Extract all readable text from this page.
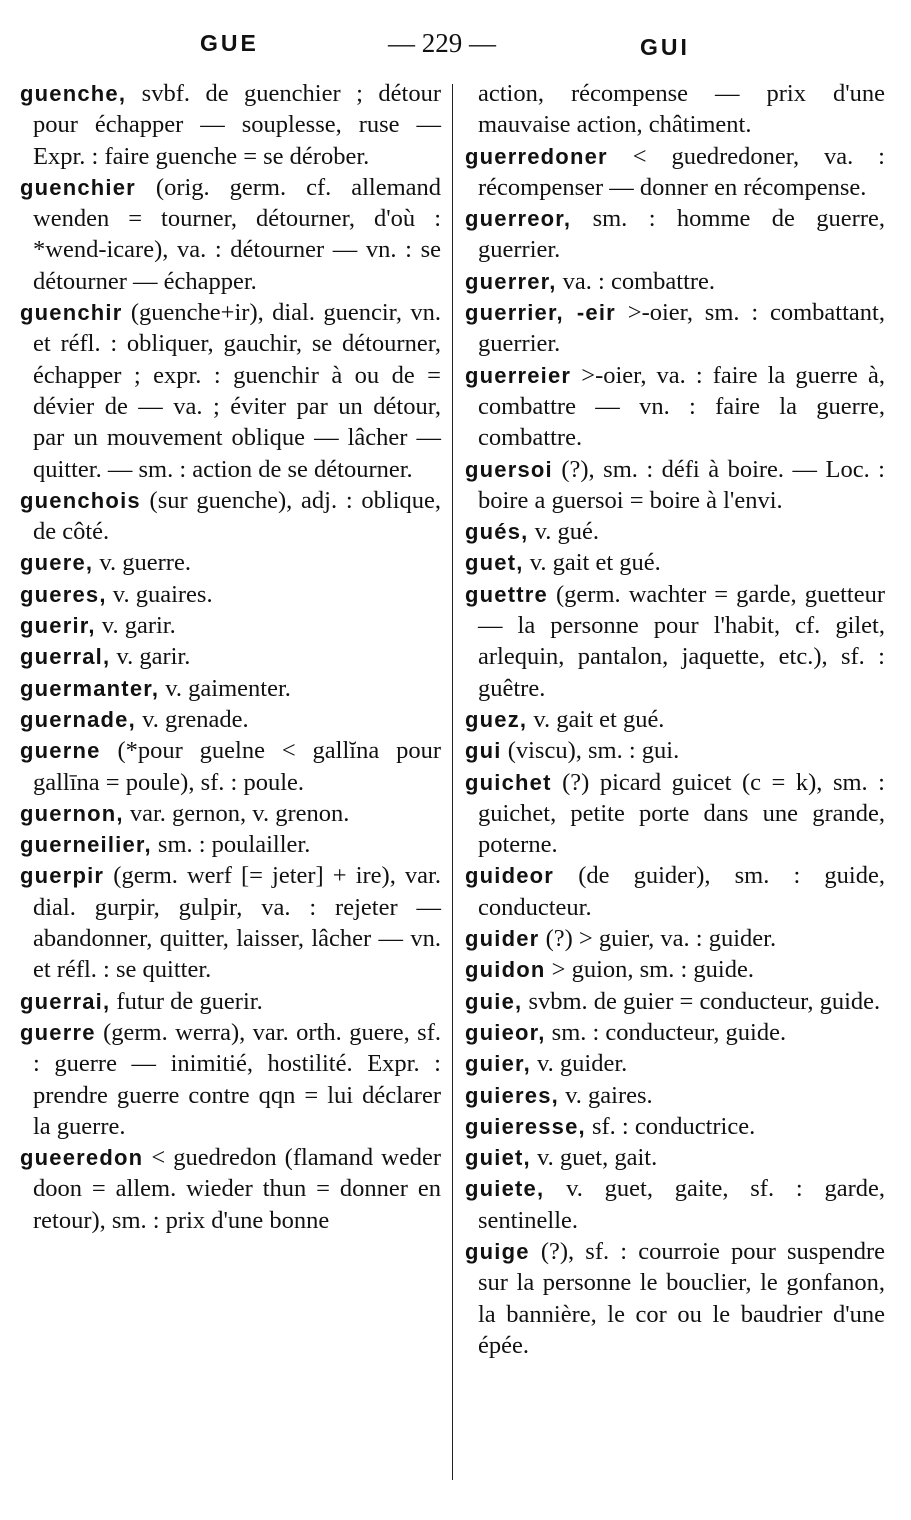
GUE	— 229 —	GUI

guenche, svbf. de guenchier ; détour pour échapper — souplesse, ruse — Expr. : faire guenche = se dérober.

guenchier (orig. germ. cf. allemand wenden = tourner, détourner, d'où : *wend-icare), va. : détourner — vn. : se détourner — échapper.

guenchir (guenche+ir), dial. guencir, vn. et réfl. : obliquer, gauchir, se détourner, échapper ; expr. : guenchir à ou de = dévier de — va. ; éviter par un détour, par un mouvement oblique — lâcher — quitter. — sm. : action de se détourner.

guenchois (sur guenche), adj. : oblique, de côté.

guere, v. guerre.

gueres, v. guaires.

guerir, v. garir.

guerral, v. garir.

guermanter, v. gaimenter.

guernade, v. grenade.

guerne (*pour guelne < gallĭna pour gallīna = poule), sf. : poule.

guernon, var. gernon, v. grenon.

guerneilier, sm. : poulailler.

guerpir (germ. werf [= jeter] + ire), var. dial. gurpir, gulpir, va. : rejeter — abandonner, quitter, laisser, lâcher — vn. et réfl. : se quitter.

guerrai, futur de guerir.

guerre (germ. werra), var. orth. guere, sf. : guerre — inimitié, hostilité. Expr. : prendre guerre contre qqn = lui déclarer la guerre.

gueeredon < guedredon (flamand weder doon = allem. wieder thun = donner en retour), sm. : prix d'une bonne

action, récompense — prix d'une mauvaise action, châtiment.

guerredoner < guedredoner, va. : récompenser — donner en récompense.

guerreor, sm. : homme de guerre, guerrier.

guerrer, va. : combattre.

guerrier, -eir >-oier, sm. : combattant, guerrier.

guerreier >-oier, va. : faire la guerre à, combattre — vn. : faire la guerre, combattre.

guersoi (?), sm. : défi à boire. — Loc. : boire a guersoi = boire à l'envi.

gués, v. gué.

guet, v. gait et gué.

guettre (germ. wachter = garde, guetteur — la personne pour l'habit, cf. gilet, arlequin, pantalon, jaquette, etc.), sf. : guêtre.

guez, v. gait et gué.

gui (viscu), sm. : gui.

guichet (?) picard guicet (c = k), sm. : guichet, petite porte dans une grande, poterne.

guideor (de guider), sm. : guide, conducteur.

guider (?) > guier, va. : guider.

guidon > guion, sm. : guide.

guie, svbm. de guier = conducteur, guide.

guieor, sm. : conducteur, guide.

guier, v. guider.

guieres, v. gaires.

guieresse, sf. : conductrice.

guiet, v. guet, gait.

guiete, v. guet, gaite, sf. : garde, sentinelle.

guige (?), sf. : courroie pour suspendre sur la personne le bouclier, le gonfanon, la bannière, le cor ou le baudrier d'une épée.
